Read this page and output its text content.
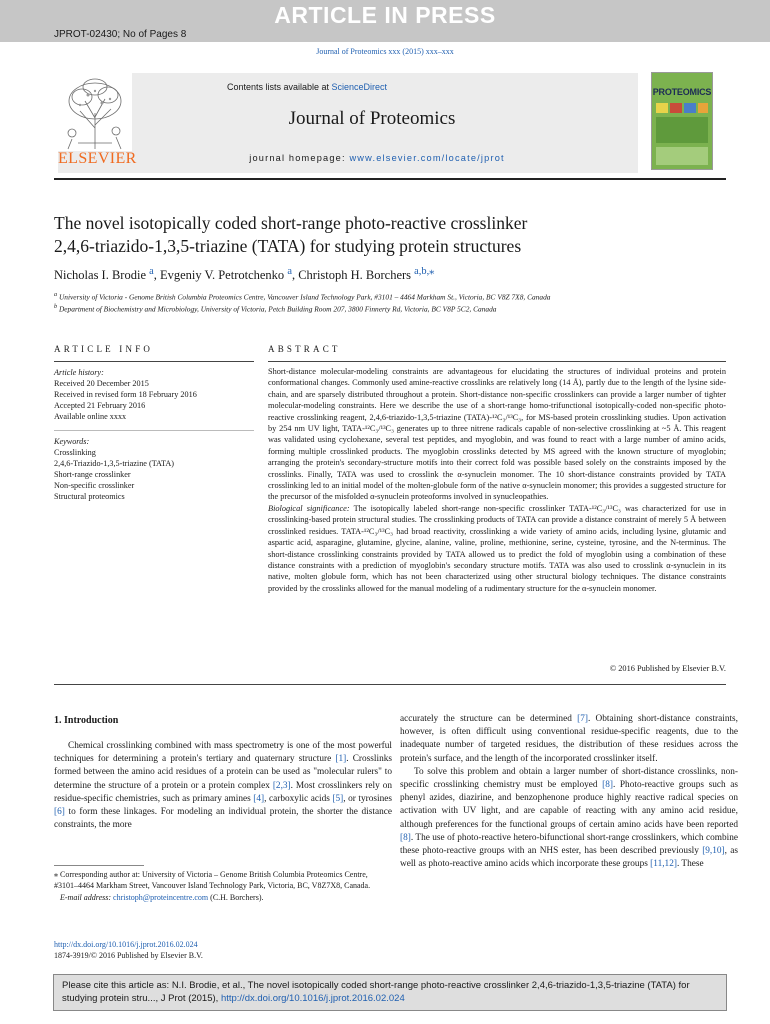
ARTICLE IN PRESS
JPROT-02430; No of Pages 8
Journal of Proteomics xxx (2015) xxx–xxx
ELSEVIER
Contents lists available at ScienceDirect
Journal of Proteomics
journal homepage: www.elsevier.com/locate/jprot
PROTEOMICS
The novel isotopically coded short-range photo-reactive crosslinker
2,4,6-triazido-1,3,5-triazine (TATA) for studying protein structures
Nicholas I. Brodie $^a$, Evgeniy V. Petrotchenko $^a$, Christoph H. Borchers $^{a,b,⁎}$
$^a$ University of Victoria - Genome British Columbia Proteomics Centre, Vancouver Island Technology Park, #3101 – 4464 Markham St., Victoria, BC V8Z 7X8, Canada
$^b$ Department of Biochemistry and Microbiology, University of Victoria, Petch Building Room 207, 3800 Finnerty Rd, Victoria, BC V8P 5C2, Canada
ARTICLE INFO
Article history:
Received 20 December 2015
Received in revised form 18 February 2016
Accepted 21 February 2016
Available online xxxx
Keywords:
Crosslinking
2,4,6-Triazido-1,3,5-triazine (TATA)
Short-range crosslinker
Non-specific crosslinker
Structural proteomics
ABSTRACT

Short-distance molecular-modeling constraints are advantageous for elucidating the structures of individual proteins and protein conformational changes. Commonly used amine-reactive crosslinks are relatively long (14 Å), partly due to the length of the lysine side-chain, and are sparsely distributed throughout a protein. Short-distance non-specific crosslinkers can provide a larger number of tighter molecular-modeling constraints. Here we describe the use of a short-range homo-trifunctional isotopically-coded non-specific photo-reactive crosslinking reagent, 2,4,6-triazido-1,3,5-triazine (TATA)-¹²C₃/¹³C₃, for MS-based protein crosslinking studies. Upon activation by 254 nm UV light, TATA-¹²C₃/¹³C₃ generates up to three nitrene radicals capable of non-selective crosslinking at ~5 Å. This reagent was validated using cyclohexane, several test peptides, and myoglobin, and was found to react with a large number of amino acids, forming multiple crosslinked products. The myoglobin crosslinks detected by MS agreed with the known structure of myoglobin; arranging the protein's secondary-structure motifs into their correct fold was possible based solely on the constraints imposed by the crosslinks. Finally, TATA was used to crosslink the α-synuclein monomer. The 10 short-distance constraints provided by TATA crosslinking led to an initial model of the molten-globule form of the native α-synuclein monomer; this provides a suggested structure for the precursor of the misfolded α-synuclein proteoforms involved in synucleopathies.

Biological significance: The isotopically labeled short-range non-specific crosslinker TATA-¹²C₃/¹³C₃ was characterized for use in crosslinking-based protein structural studies. The crosslinking products of TATA can provide a distance constraint of merely 5 Å between crosslinked residues. TATA-¹²C₃/¹³C₃ had broad reactivity, crosslinking a wide variety of amino acids, including lysine, glutamic and aspartic acid, asparagine, glutamine, glycine, alanine, valine, proline, methionine, serine, cysteine, tyrosine, and the N-terminus. The short-distance crosslinking constraints provided by TATA allowed us to predict the fold of myoglobin using a combination of these distance constraints with a prediction of myoglobin's secondary structure motifs. TATA was also used to crosslink α-synuclein in its native, molten globule form, which has not been characterized using other structural biology techniques. The distance constraints provided by the crosslinks allowed for the manual modeling of a rudimentary structure for the α-synuclein monomer.

© 2016 Published by Elsevier B.V.
1. Introduction

Chemical crosslinking combined with mass spectrometry is one of the most powerful techniques for determining a protein's tertiary and quaternary structure [1]. Crosslinks formed between the amino acid residues of a protein can be used as "molecular rulers" to determine the structure of a protein or a protein complex [2,3]. Most crosslinkers rely on residue-specific chemistries, such as primary amines [4], carboxylic acids [5], or tyrosines [6] to form these linkages. For modeling an individual protein, the shorter the distance constraints, the more

accurately the structure can be determined [7]. Obtaining short-distance constraints, however, is often difficult using conventional residue-specific reagents, due to the inadequate number of targeted residues, the distribution of these residues across the protein's surface, and the length of the incorporated crosslinker itself.

To solve this problem and obtain a larger number of short-distance crosslinks, non-specific crosslinking chemistry must be employed [8]. Photo-reactive groups such as phenyl azides, diazirine, and benzophenone produce highly reactive radical species on activation with UV light, and are capable of reacting with any amino acid residue, although preferences for the functional groups of certain amino acids have been reported [8]. The use of photo-reactive hetero-bifunctional short-range crosslinkers, which combine these photo-reactive groups with an NHS ester, has been described previously [9,10], as well as photo-reactive amino acids which incorporate these groups [11,12]. These

⁎ Corresponding author at: University of Victoria – Genome British Columbia Proteomics Centre, #3101–4464 Markham Street, Vancouver Island Technology Park, Victoria, BC, V8Z7X8, Canada.
E-mail address: christoph@proteincentre.com (C.H. Borchers).
http://dx.doi.org/10.1016/j.jprot.2016.02.024
1874-3919/© 2016 Published by Elsevier B.V.
Please cite this article as: N.I. Brodie, et al., The novel isotopically coded short-range photo-reactive crosslinker 2,4,6-triazido-1,3,5-triazine (TATA) for studying protein stru..., J Prot (2015), http://dx.doi.org/10.1016/j.jprot.2016.02.024
